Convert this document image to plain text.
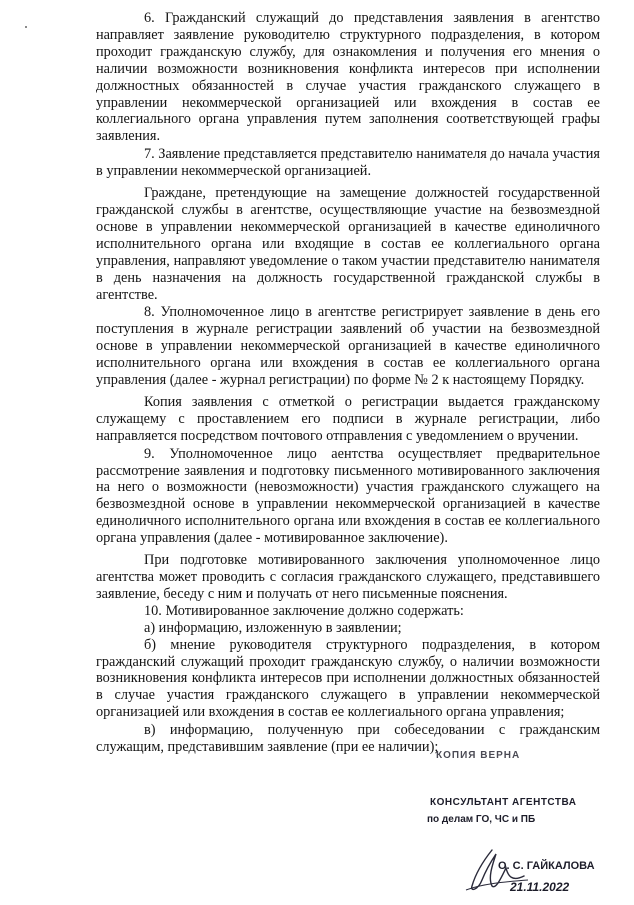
6. Гражданский служащий до представления заявления в агентство направляет заявление руководителю структурного подразделения, в котором проходит гражданскую службу, для ознакомления и получения его мнения о наличии возможности возникновения конфликта интересов при исполнении должностных обязанностей в случае участия гражданского служащего в управлении некоммерческой организацией или вхождения в состав ее коллегиального органа управления путем заполнения соответствующей графы заявления.

7. Заявление представляется представителю нанимателя до начала участия в управлении некоммерческой организацией.

Граждане, претендующие на замещение должностей государственной гражданской службы в агентстве, осуществляющие участие на безвозмездной основе в управлении некоммерческой организацией в качестве единоличного исполнительного органа или входящие в состав ее коллегиального органа управления, направляют уведомление о таком участии представителю нанимателя в день назначения на должность государственной гражданской службы в агентстве.

8. Уполномоченное лицо в агентстве регистрирует заявление в день его поступления в журнале регистрации заявлений об участии на безвозмездной основе в управлении некоммерческой организацией в качестве единоличного исполнительного органа или вхождения в состав ее коллегиального органа управления (далее - журнал регистрации) по форме № 2 к настоящему Порядку.

Копия заявления с отметкой о регистрации выдается гражданскому служащему с проставлением его подписи в журнале регистрации, либо направляется посредством почтового отправления с уведомлением о вручении.

9. Уполномоченное лицо аентства осуществляет предварительное рассмотрение заявления и подготовку письменного мотивированного заключения на него о возможности (невозможности) участия гражданского служащего на безвозмездной основе в управлении некоммерческой организацией в качестве единоличного исполнительного органа или вхождения в состав ее коллегиального органа управления (далее - мотивированное заключение).

При подготовке мотивированного заключения уполномоченное лицо агентства может проводить с согласия гражданского служащего, представившего заявление, беседу с ним и получать от него письменные пояснения.

10. Мотивированное заключение должно содержать:

а) информацию, изложенную в заявлении;

б) мнение руководителя структурного подразделения, в котором гражданский служащий проходит гражданскую службу, о наличии возможности возникновения конфликта интересов при исполнении должностных обязанностей в случае участия гражданского служащего в управлении некоммерческой организацией или вхождения в состав ее коллегиального органа управления;

в) информацию, полученную при собеседовании с гражданским служащим, представившим заявление (при ее наличии);

КОПИЯ ВЕРНА
КОНСУЛЬТАНТ АГЕНТСТВА
по делам ГО, ЧС и ПБ
О. С. ГАЙКАЛОВА
21.11.2022
